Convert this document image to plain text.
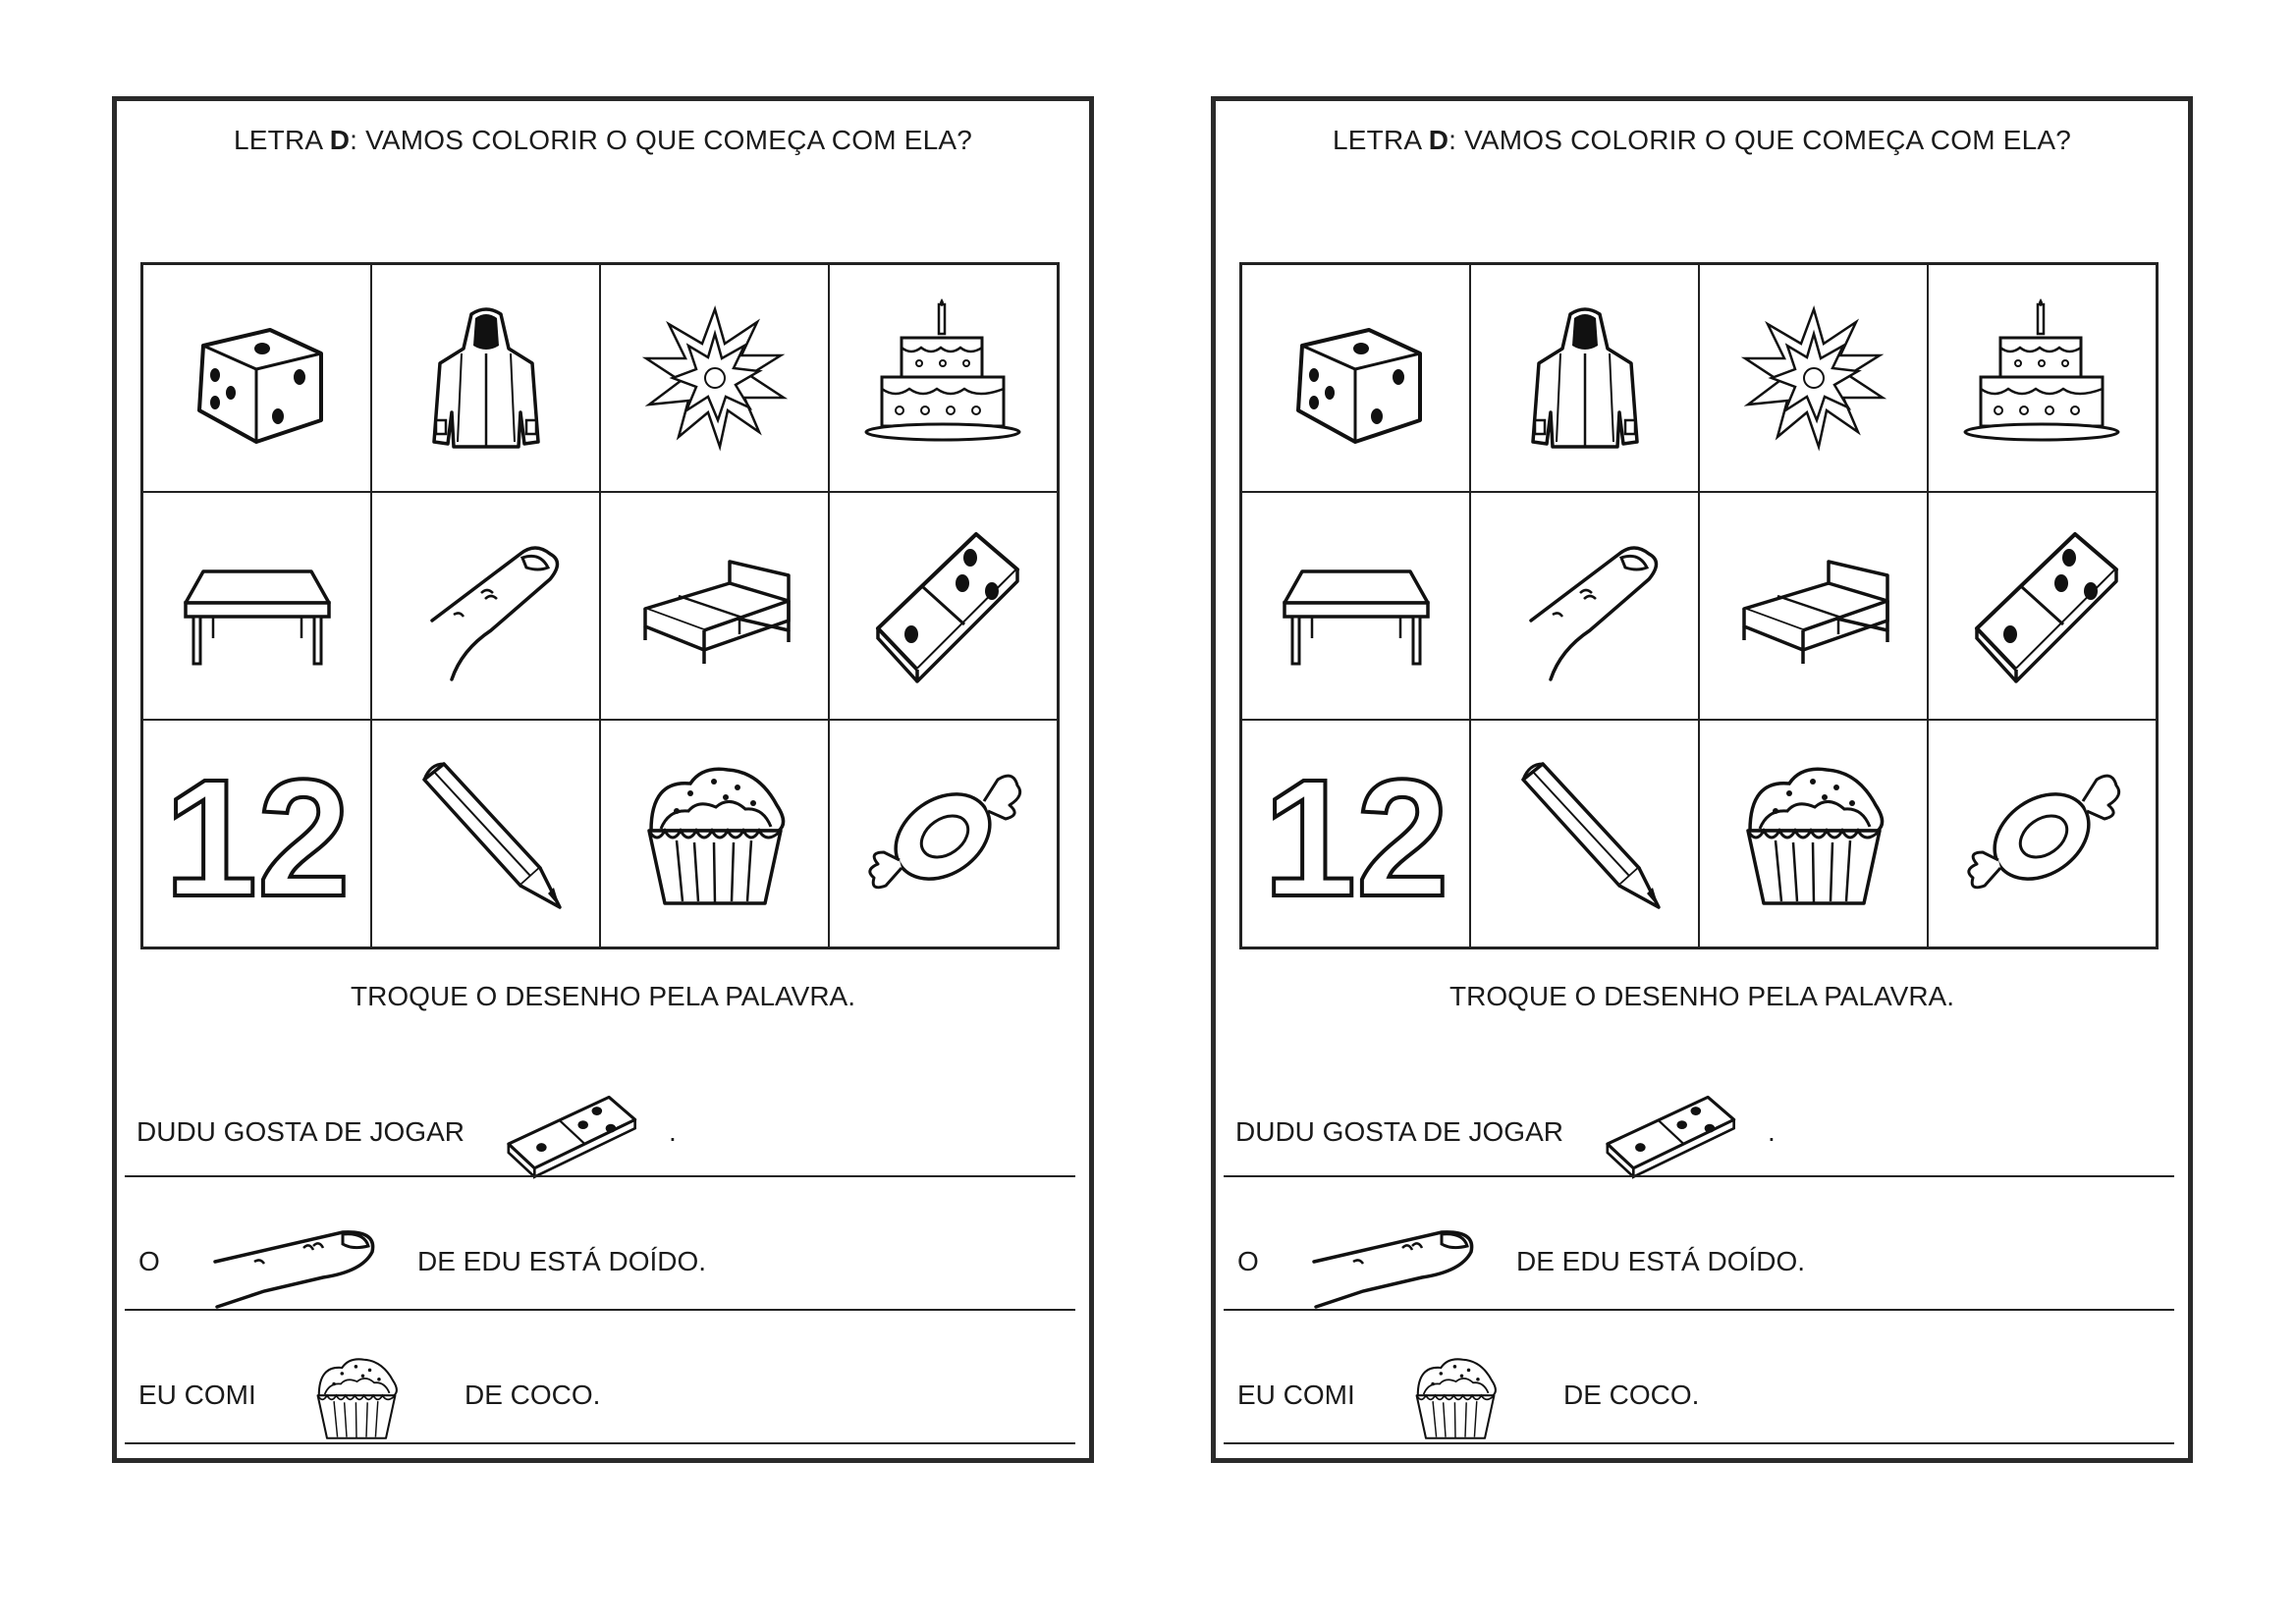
LETRA D: VAMOS COLORIR O QUE COMEÇA COM ELA?
12
TROQUE O DESENHO PELA PALAVRA.
DUDU GOSTA DE JOGAR	.
O	DE EDU ESTÁ DOÍDO.
EU COMI	DE COCO.
LETRA D: VAMOS COLORIR O QUE COMEÇA COM ELA?
12
TROQUE O DESENHO PELA PALAVRA.
DUDU GOSTA DE JOGAR	.
O	DE EDU ESTÁ DOÍDO.
EU COMI	DE COCO.
